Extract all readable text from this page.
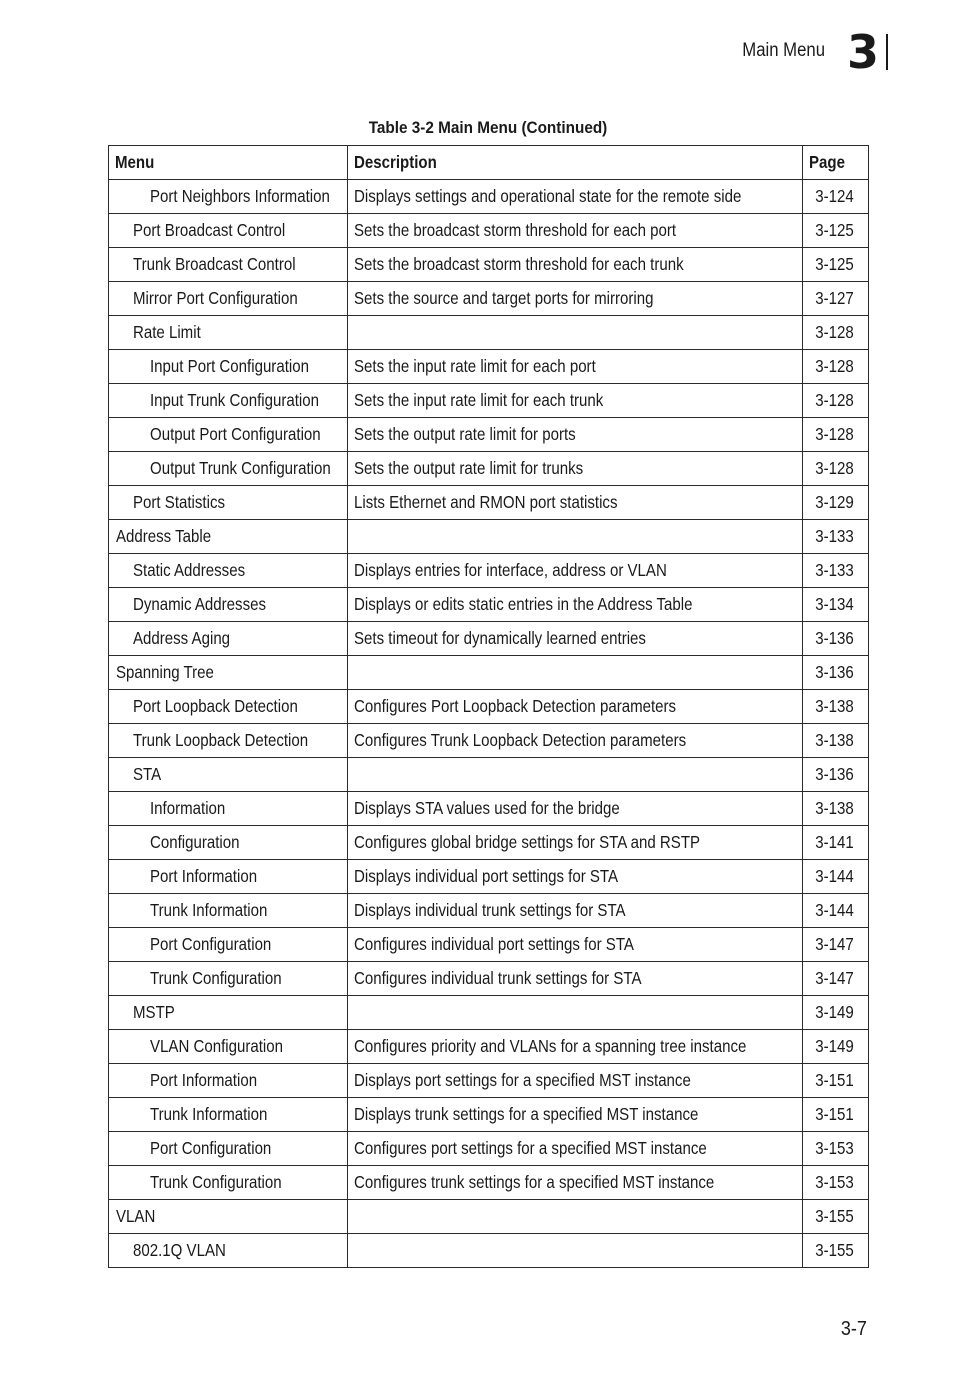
Main Menu 3
Table 3-2 Main Menu (Continued)
Menu	Description	Page
Port Neighbors Information	Displays settings and operational state for the remote side	3-124
Port Broadcast Control	Sets the broadcast storm threshold for each port	3-125
Trunk Broadcast Control	Sets the broadcast storm threshold for each trunk	3-125
Mirror Port Configuration	Sets the source and target ports for mirroring	3-127
Rate Limit		3-128
Input Port Configuration	Sets the input rate limit for each port	3-128
Input Trunk Configuration	Sets the input rate limit for each trunk	3-128
Output Port Configuration	Sets the output rate limit for ports	3-128
Output Trunk Configuration	Sets the output rate limit for trunks	3-128
Port Statistics	Lists Ethernet and RMON port statistics	3-129
Address Table		3-133
Static Addresses	Displays entries for interface, address or VLAN	3-133
Dynamic Addresses	Displays or edits static entries in the Address Table	3-134
Address Aging	Sets timeout for dynamically learned entries	3-136
Spanning Tree		3-136
Port Loopback Detection	Configures Port Loopback Detection parameters	3-138
Trunk Loopback Detection	Configures Trunk Loopback Detection parameters	3-138
STA		3-136
Information	Displays STA values used for the bridge	3-138
Configuration	Configures global bridge settings for STA and RSTP	3-141
Port Information	Displays individual port settings for STA	3-144
Trunk Information	Displays individual trunk settings for STA	3-144
Port Configuration	Configures individual port settings for STA	3-147
Trunk Configuration	Configures individual trunk settings for STA	3-147
MSTP		3-149
VLAN Configuration	Configures priority and VLANs for a spanning tree instance	3-149
Port Information	Displays port settings for a specified MST instance	3-151
Trunk Information	Displays trunk settings for a specified MST instance	3-151
Port Configuration	Configures port settings for a specified MST instance	3-153
Trunk Configuration	Configures trunk settings for a specified MST instance	3-153
VLAN		3-155
802.1Q VLAN		3-155
3-7
